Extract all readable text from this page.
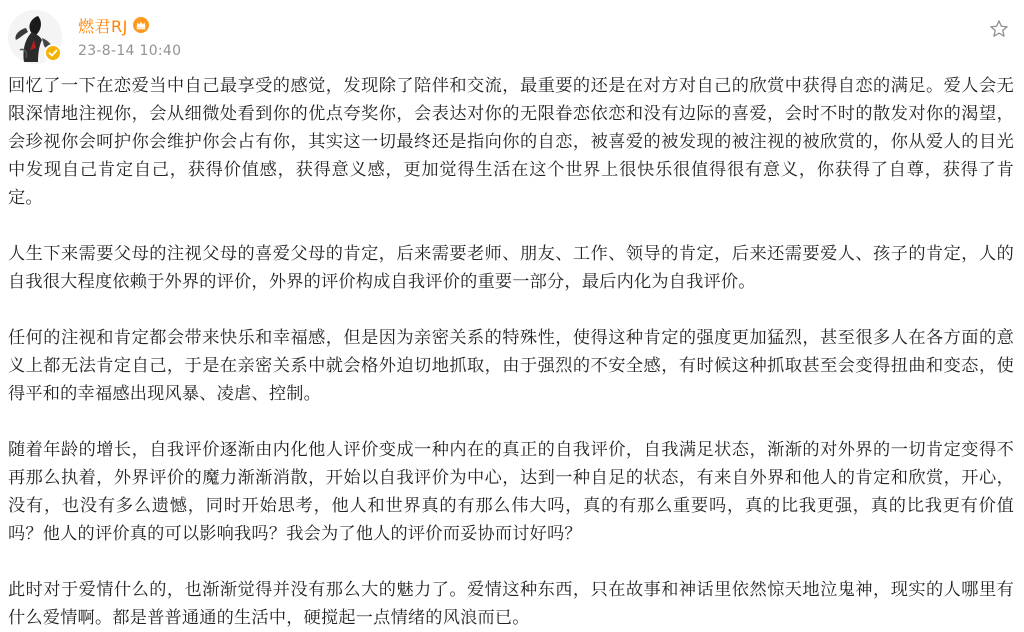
燃君RJ
23-8-14 10:40

回忆了一下在恋爱当中自己最享受的感觉，发现除了陪伴和交流，最重要的还是在对方对自己的欣赏中获得自恋的满足。爱人会无限深情地注视你，会从细微处看到你的优点夸奖你，会表达对你的无限眷恋依恋和没有边际的喜爱，会时不时的散发对你的渴望，会珍视你会呵护你会维护你会占有你，其实这一切最终还是指向你的自恋，被喜爱的被发现的被注视的被欣赏的，你从爱人的目光中发现自己肯定自己，获得价值感，获得意义感，更加觉得生活在这个世界上很快乐很值得很有意义，你获得了自尊，获得了肯定。

人生下来需要父母的注视父母的喜爱父母的肯定，后来需要老师、朋友、工作、领导的肯定，后来还需要爱人、孩子的肯定，人的自我很大程度依赖于外界的评价，外界的评价构成自我评价的重要一部分，最后内化为自我评价。

任何的注视和肯定都会带来快乐和幸福感，但是因为亲密关系的特殊性，使得这种肯定的强度更加猛烈，甚至很多人在各方面的意义上都无法肯定自己，于是在亲密关系中就会格外迫切地抓取，由于强烈的不安全感，有时候这种抓取甚至会变得扭曲和变态，使得平和的幸福感出现风暴、凌虐、控制。

随着年龄的增长，自我评价逐渐由内化他人评价变成一种内在的真正的自我评价，自我满足状态，渐渐的对外界的一切肯定变得不再那么执着，外界评价的魔力渐渐消散，开始以自我评价为中心，达到一种自足的状态，有来自外界和他人的肯定和欣赏，开心，没有，也没有多么遗憾，同时开始思考，他人和世界真的有那么伟大吗，真的有那么重要吗，真的比我更强，真的比我更有价值吗？他人的评价真的可以影响我吗？我会为了他人的评价而妥协而讨好吗？

此时对于爱情什么的，也渐渐觉得并没有那么大的魅力了。爱情这种东西，只在故事和神话里依然惊天地泣鬼神，现实的人哪里有什么爱情啊。都是普普通通的生活中，硬搅起一点情绪的风浪而已。
